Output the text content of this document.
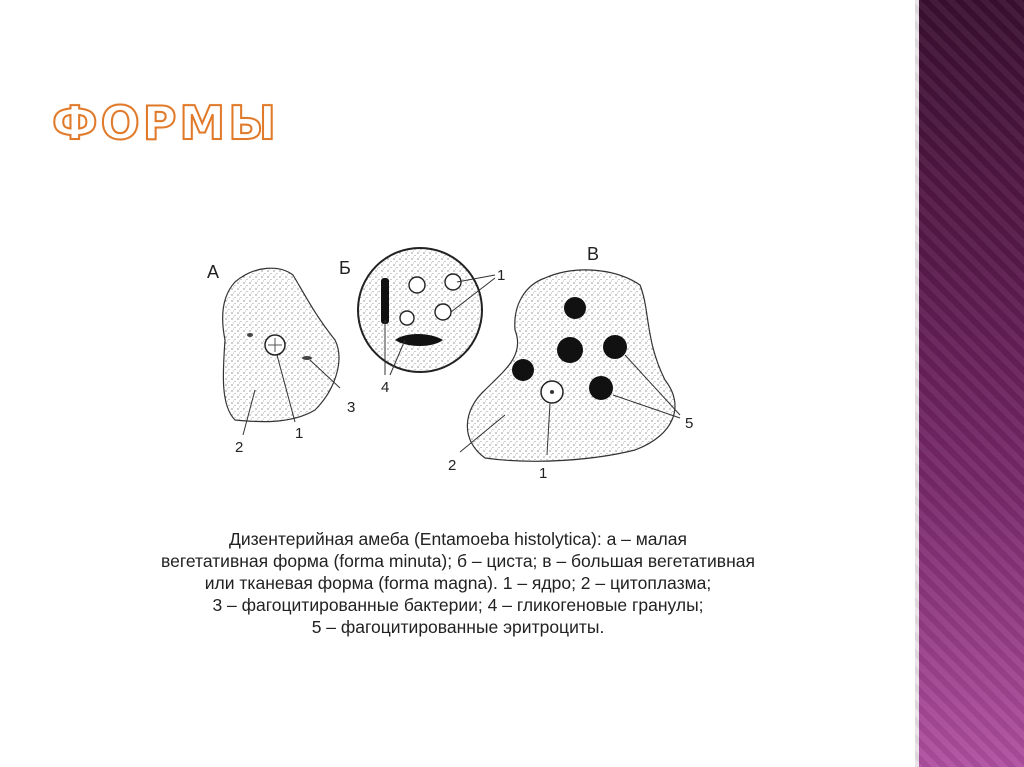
ФОРМЫ
А
1
2
3
Б	1
4
В
5
1
2
Дизентерийная амеба (Entamoeba histolytica): а – малая
вегетативная форма (forma minuta); б – циста; в – большая вегетативная
или тканевая форма (forma magna). 1 – ядро; 2 – цитоплазма;
3 – фагоцитированные бактерии; 4 – гликогеновые гранулы;
5 – фагоцитированные эритроциты.
